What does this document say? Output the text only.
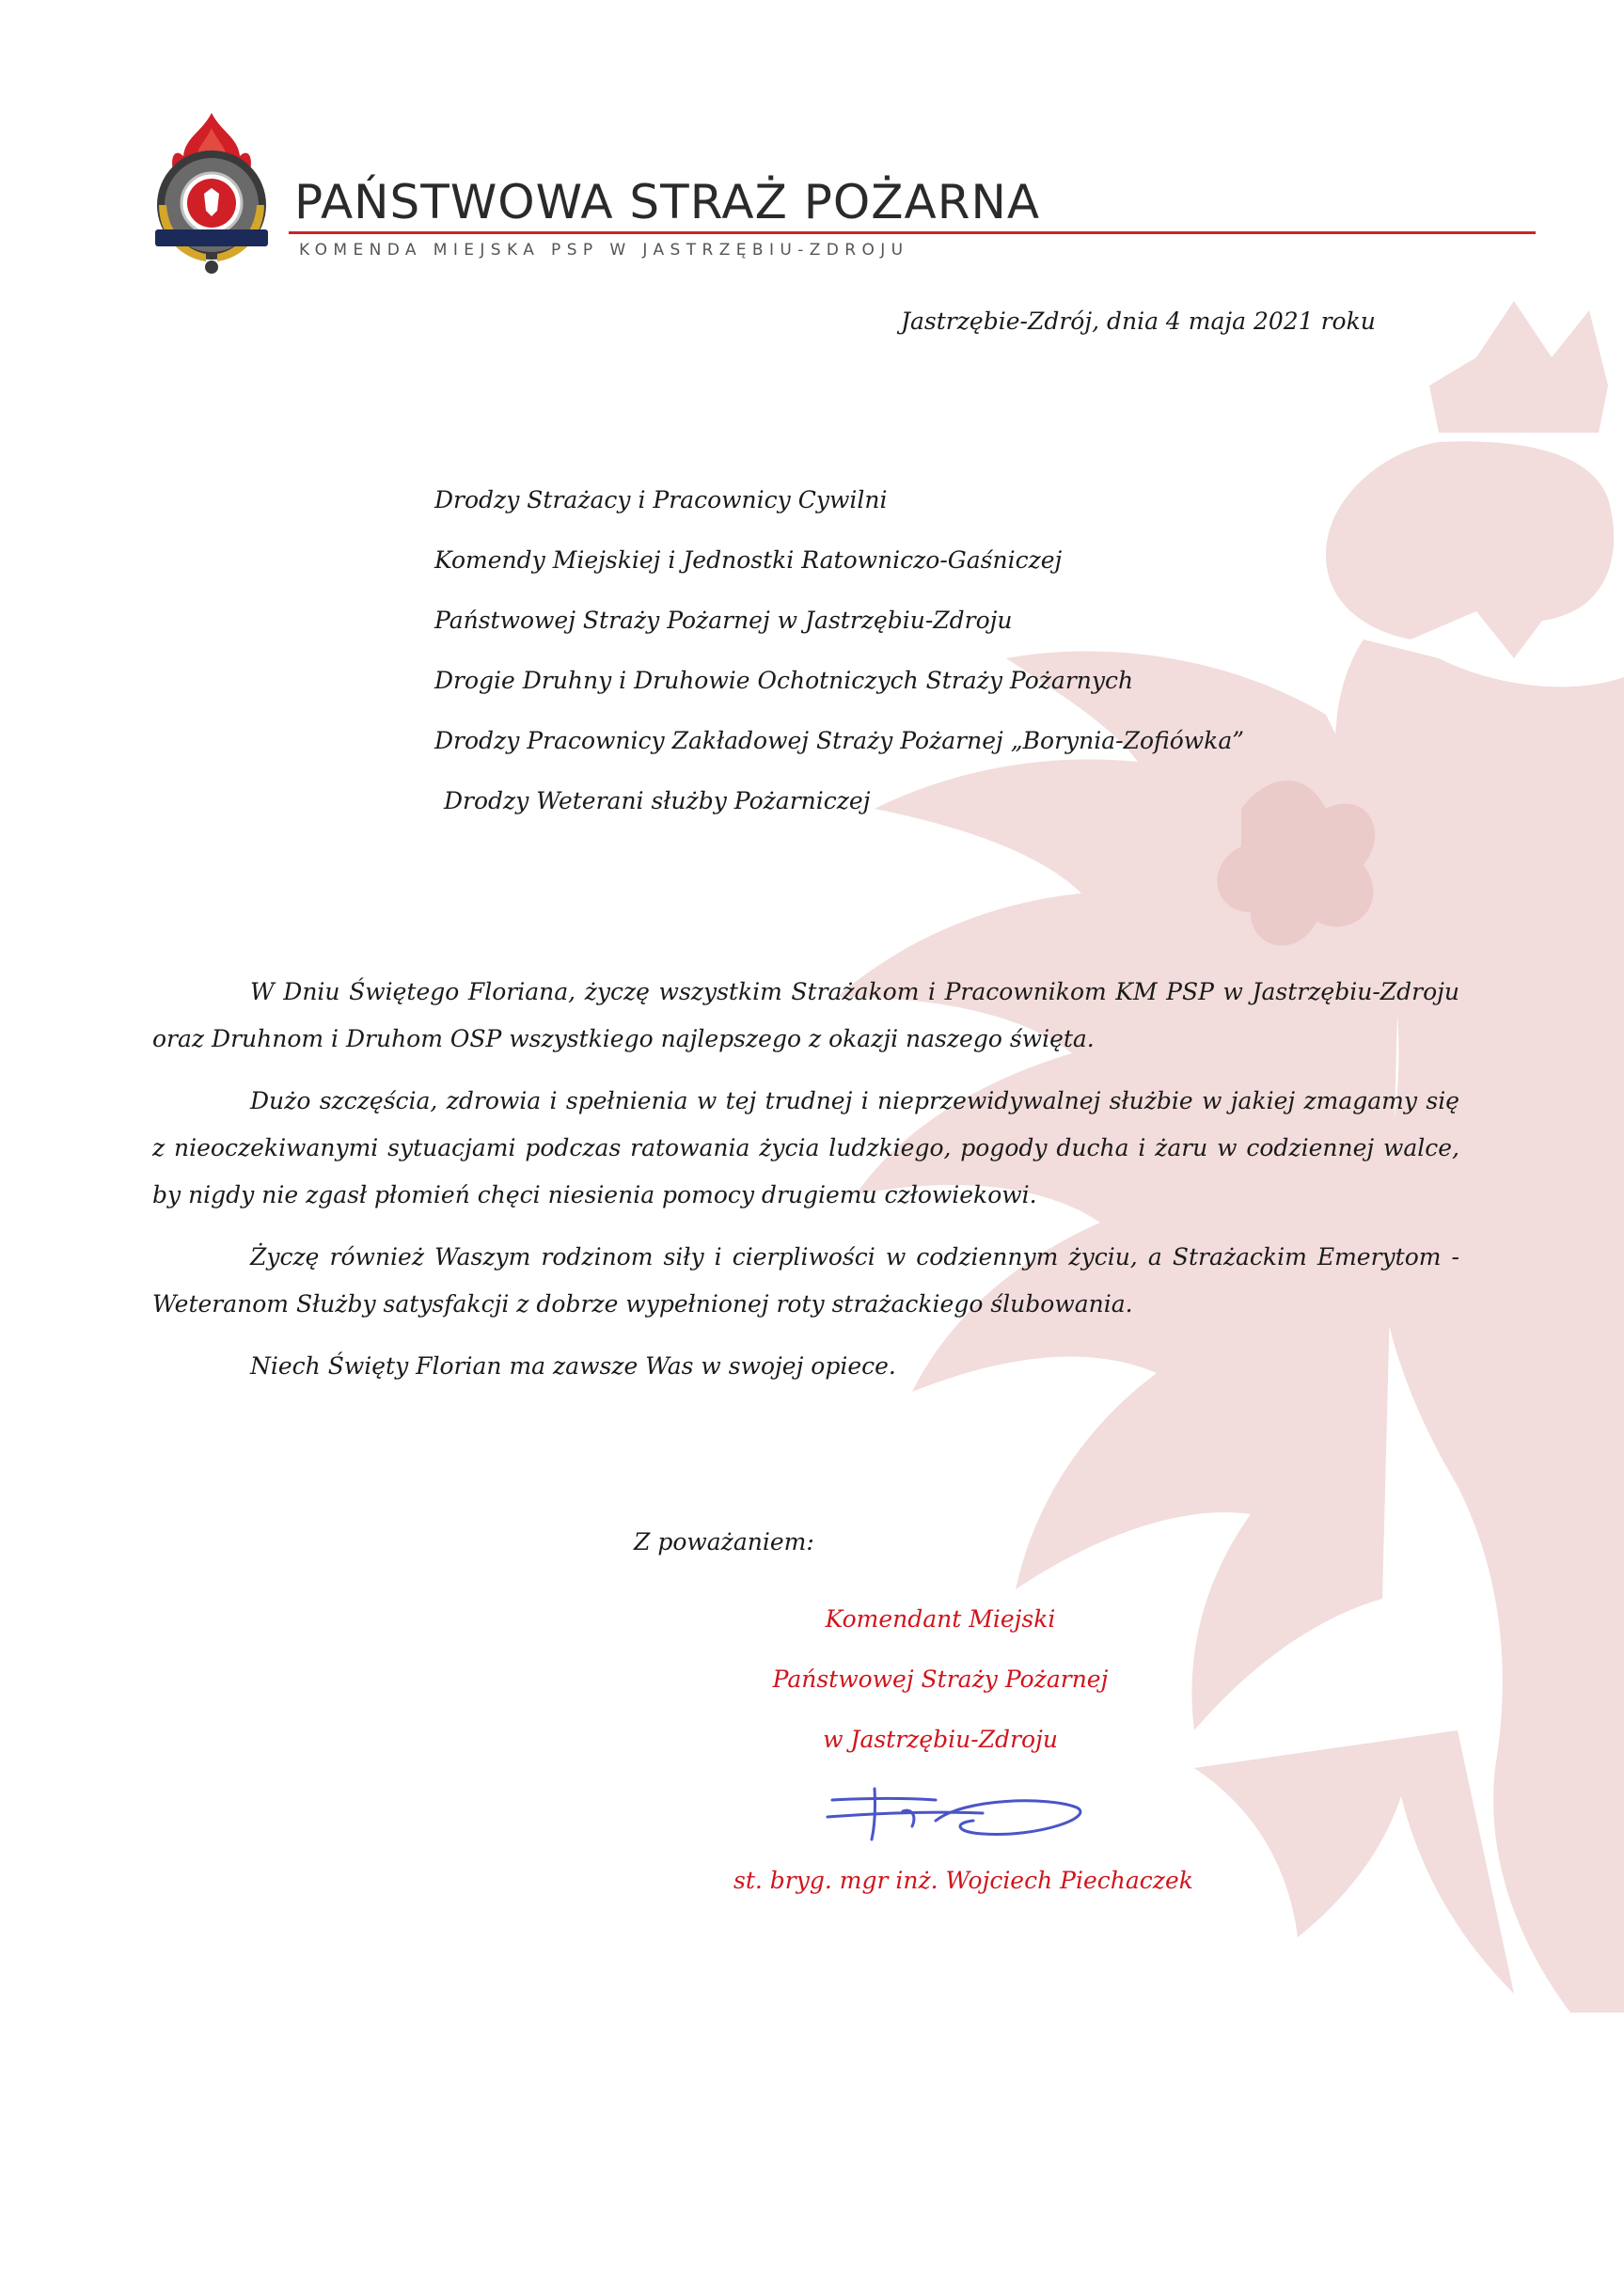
PAŃSTWOWA STRAŻ POŻARNA
KOMENDA MIEJSKA PSP W JASTRZĘBIU-ZDROJU
Jastrzębie-Zdrój, dnia 4 maja 2021 roku
Drodzy Strażacy i Pracownicy Cywilni
Komendy Miejskiej i Jednostki Ratowniczo-Gaśniczej
Państwowej Straży Pożarnej w Jastrzębiu-Zdroju
Drogie Druhny i Druhowie Ochotniczych Straży Pożarnych
Drodzy Pracownicy Zakładowej Straży Pożarnej „Borynia-Zofiówka”
Drodzy Weterani służby Pożarniczej

W Dniu Świętego Floriana, życzę wszystkim Strażakom i Pracownikom KM PSP w Jastrzębiu-Zdroju oraz Druhnom i Druhom OSP wszystkiego najlepszego z okazji naszego święta.

Dużo szczęścia, zdrowia i spełnienia w tej trudnej i nieprzewidywalnej służbie w jakiej zmagamy się z nieoczekiwanymi sytuacjami podczas ratowania życia ludzkiego, pogody ducha i żaru w codziennej walce, by nigdy nie zgasł płomień chęci niesienia pomocy drugiemu człowiekowi.

Życzę również Waszym rodzinom siły i cierpliwości w codziennym życiu, a Strażackim Emerytom - Weteranom Służby satysfakcji z dobrze wypełnionej roty strażackiego ślubowania.

Niech Święty Florian ma zawsze Was w swojej opiece.

Z poważaniem:
Komendant Miejski
Państwowej Straży Pożarnej
w Jastrzębiu-Zdroju
st. bryg. mgr inż. Wojciech Piechaczek
